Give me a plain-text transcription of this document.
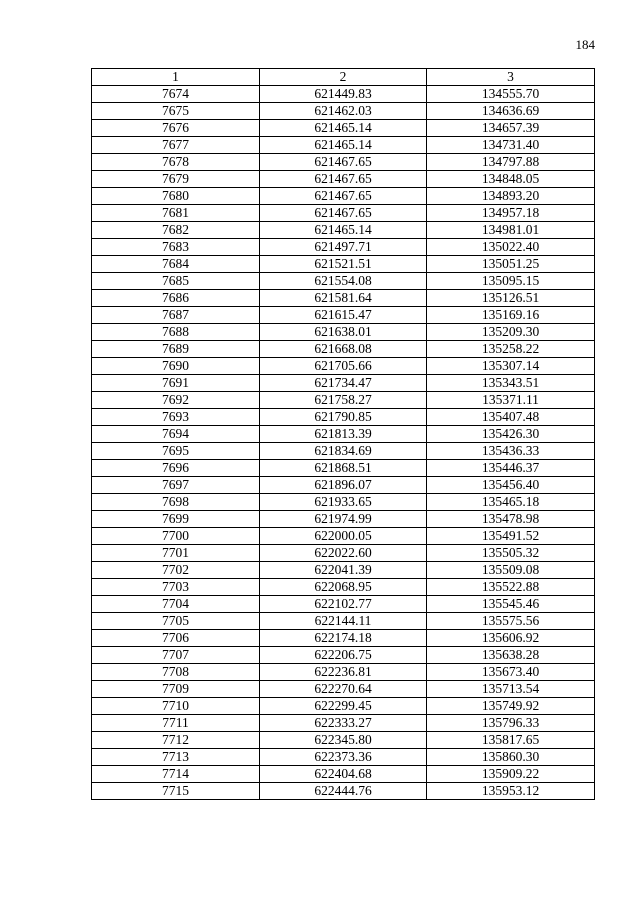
184
1	2	3
7674	621449.83	134555.70
7675	621462.03	134636.69
7676	621465.14	134657.39
7677	621465.14	134731.40
7678	621467.65	134797.88
7679	621467.65	134848.05
7680	621467.65	134893.20
7681	621467.65	134957.18
7682	621465.14	134981.01
7683	621497.71	135022.40
7684	621521.51	135051.25
7685	621554.08	135095.15
7686	621581.64	135126.51
7687	621615.47	135169.16
7688	621638.01	135209.30
7689	621668.08	135258.22
7690	621705.66	135307.14
7691	621734.47	135343.51
7692	621758.27	135371.11
7693	621790.85	135407.48
7694	621813.39	135426.30
7695	621834.69	135436.33
7696	621868.51	135446.37
7697	621896.07	135456.40
7698	621933.65	135465.18
7699	621974.99	135478.98
7700	622000.05	135491.52
7701	622022.60	135505.32
7702	622041.39	135509.08
7703	622068.95	135522.88
7704	622102.77	135545.46
7705	622144.11	135575.56
7706	622174.18	135606.92
7707	622206.75	135638.28
7708	622236.81	135673.40
7709	622270.64	135713.54
7710	622299.45	135749.92
7711	622333.27	135796.33
7712	622345.80	135817.65
7713	622373.36	135860.30
7714	622404.68	135909.22
7715	622444.76	135953.12
